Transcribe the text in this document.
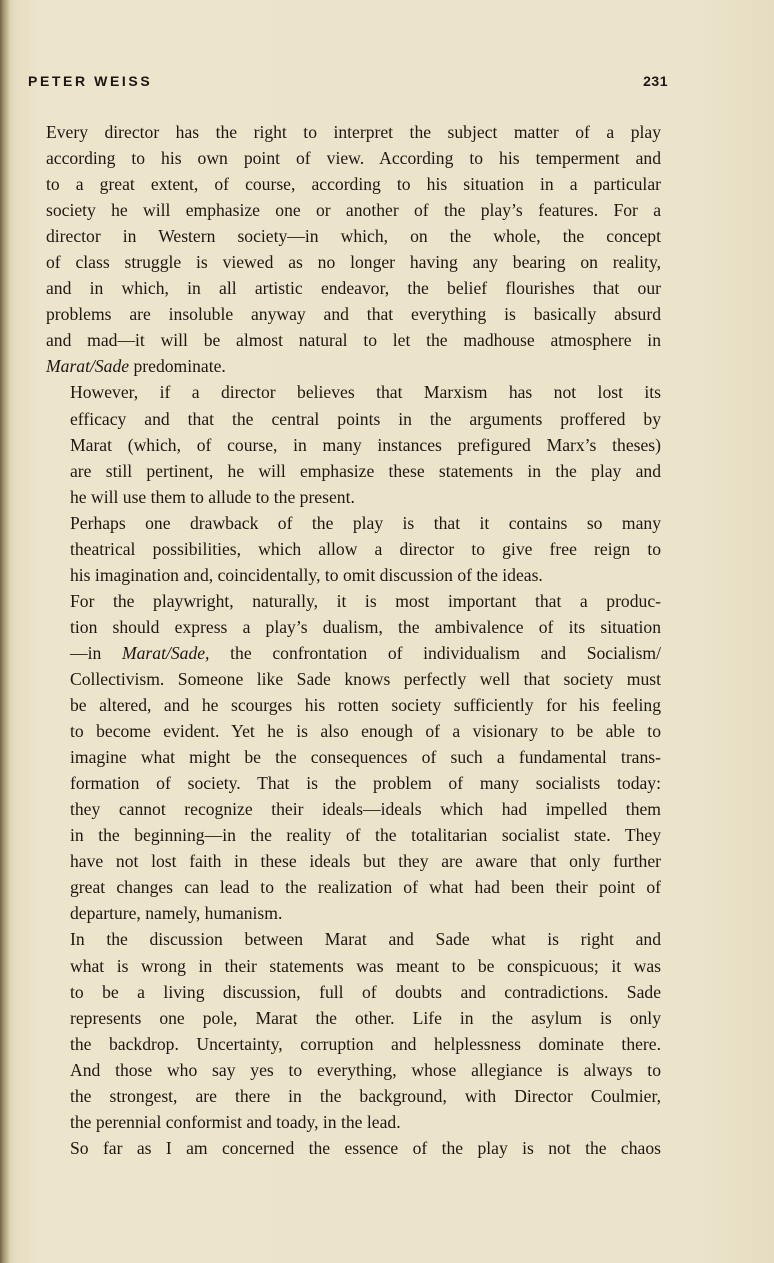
PETER WEISS	231

Every director has the right to interpret the subject matter of a play
according to his own point of view. According to his temperment and
to a great extent, of course, according to his situation in a particular
society he will emphasize one or another of the play’s features. For a
director in Western society—in which, on the whole, the concept
of class struggle is viewed as no longer having any bearing on reality,
and in which, in all artistic endeavor, the belief flourishes that our
problems are insoluble anyway and that everything is basically absurd
and mad—it will be almost natural to let the madhouse atmosphere in
Marat/Sade predominate.

However, if a director believes that Marxism has not lost its
efficacy and that the central points in the arguments proffered by
Marat (which, of course, in many instances prefigured Marx’s theses)
are still pertinent, he will emphasize these statements in the play and
he will use them to allude to the present.

Perhaps one drawback of the play is that it contains so many
theatrical possibilities, which allow a director to give free reign to
his imagination and, coincidentally, to omit discussion of the ideas.

For the playwright, naturally, it is most important that a produc-
tion should express a play’s dualism, the ambivalence of its situation
—in Marat/Sade, the confrontation of individualism and Socialism/
Collectivism. Someone like Sade knows perfectly well that society must
be altered, and he scourges his rotten society sufficiently for his feeling
to become evident. Yet he is also enough of a visionary to be able to
imagine what might be the consequences of such a fundamental trans-
formation of society. That is the problem of many socialists today:
they cannot recognize their ideals—ideals which had impelled them
in the beginning—in the reality of the totalitarian socialist state. They
have not lost faith in these ideals but they are aware that only further
great changes can lead to the realization of what had been their point of
departure, namely, humanism.

In the discussion between Marat and Sade what is right and
what is wrong in their statements was meant to be conspicuous; it was
to be a living discussion, full of doubts and contradictions. Sade
represents one pole, Marat the other. Life in the asylum is only
the backdrop. Uncertainty, corruption and helplessness dominate there.
And those who say yes to everything, whose allegiance is always to
the strongest, are there in the background, with Director Coulmier,
the perennial conformist and toady, in the lead.

So far as I am concerned the essence of the play is not the chaos
